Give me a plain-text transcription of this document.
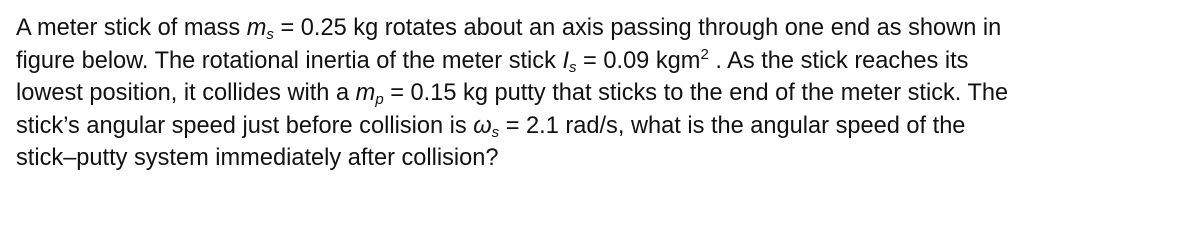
A meter stick of mass $m_s = 0.25$ kg rotates about an axis passing through one end as shown in
figure below. The rotational inertia of the meter stick $I_s = 0.09$ kgm$^2$ . As the stick reaches its
lowest position, it collides with a $m_p = 0.15$ kg putty that sticks to the end of the meter stick. The
stick’s angular speed just before collision is $\omega_s = 2.1$ rad/s, what is the angular speed of the
stick–putty system immediately after collision?
